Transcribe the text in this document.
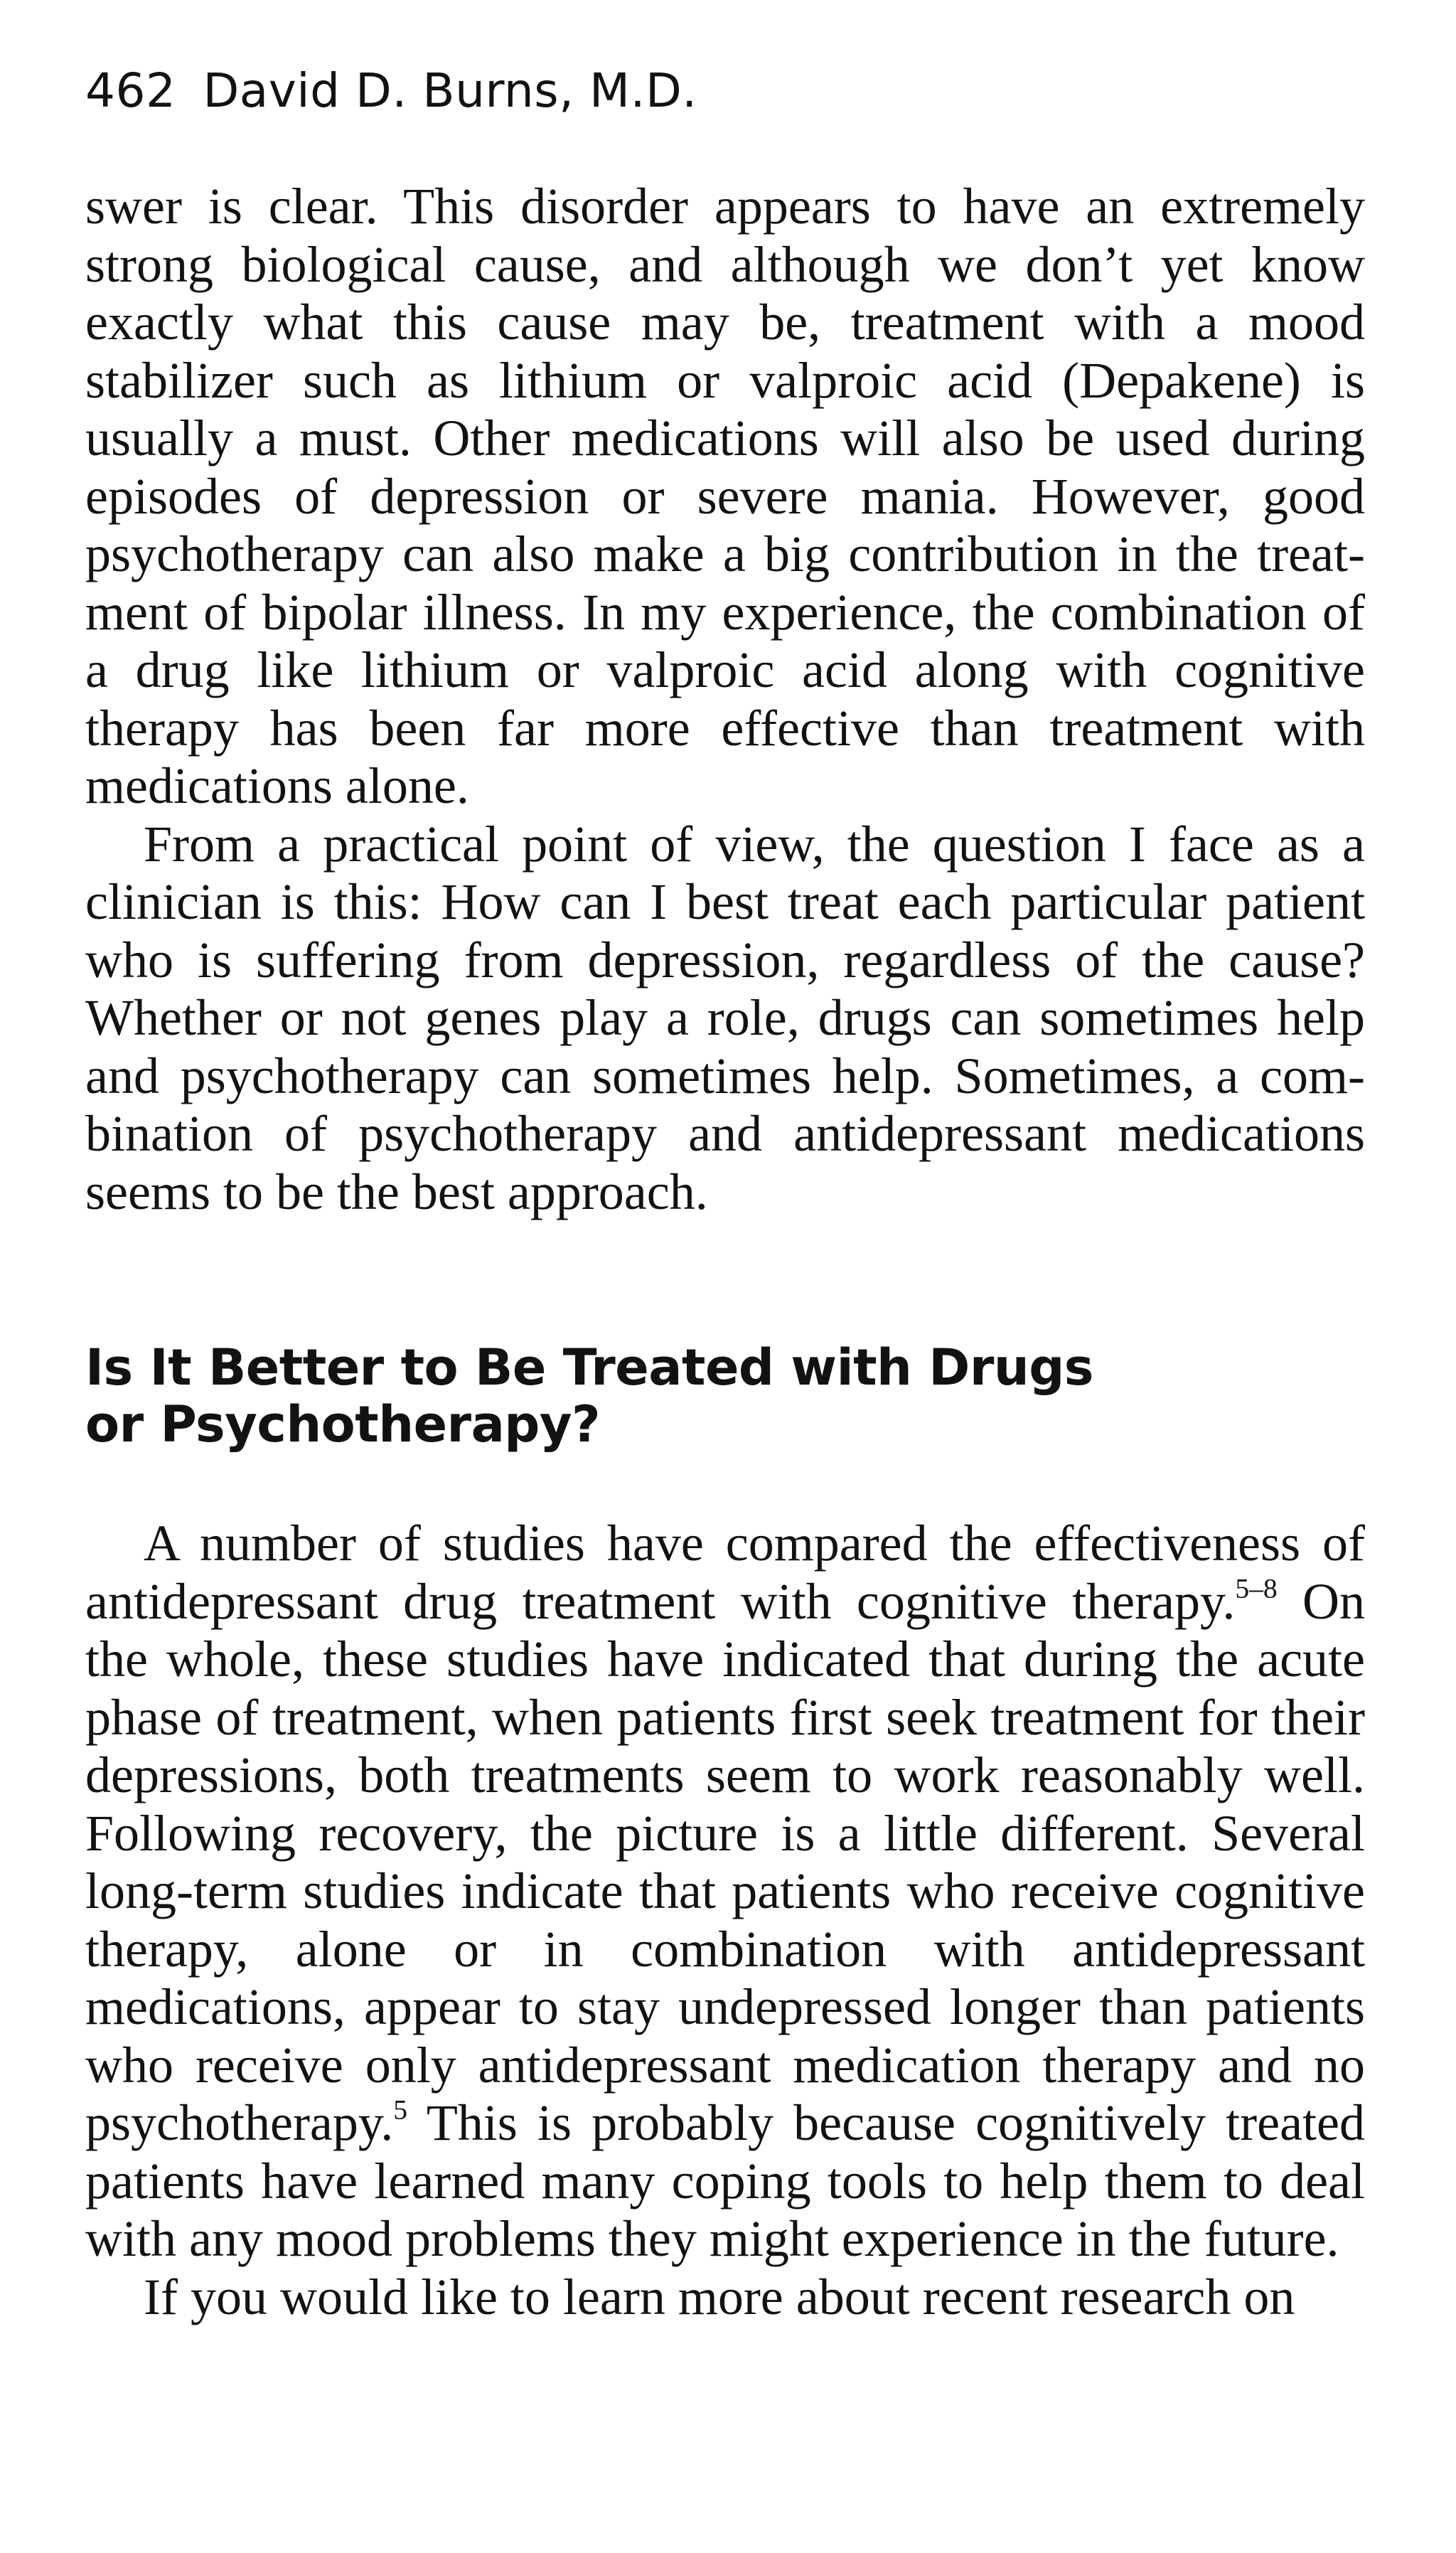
462 David D. Burns, M.D.

swer is clear. This disorder appears to have an extremely strong biological cause, and although we don’t yet know exactly what this cause may be, treatment with a mood stabilizer such as lithium or valproic acid (Depakene) is usually a must. Other medications will also be used during episodes of depression or severe mania. However, good psychotherapy can also make a big contribution in the treatment of bipolar illness. In my experience, the combination of a drug like lithium or valproic acid along with cognitive therapy has been far more effective than treatment with medications alone.

From a practical point of view, the question I face as a clinician is this: How can I best treat each particular patient who is suffering from depression, regardless of the cause? Whether or not genes play a role, drugs can sometimes help and psychotherapy can sometimes help. Sometimes, a combination of psychotherapy and antidepressant medications seems to be the best approach.

Is It Better to Be Treated with Drugs
or Psychotherapy?

A number of studies have compared the effectiveness of antidepressant drug treatment with cognitive therapy.$^{5-8}$ On the whole, these studies have indicated that during the acute phase of treatment, when patients first seek treatment for their depressions, both treatments seem to work reasonably well. Following recovery, the picture is a little different. Several long-term studies indicate that patients who receive cognitive therapy, alone or in combination with antidepressant medications, appear to stay undepressed longer than patients who receive only antidepressant medication therapy and no psychotherapy.$^5$ This is probably because cognitively treated patients have learned many coping tools to help them to deal with any mood problems they might experience in the future.

If you would like to learn more about recent research on
